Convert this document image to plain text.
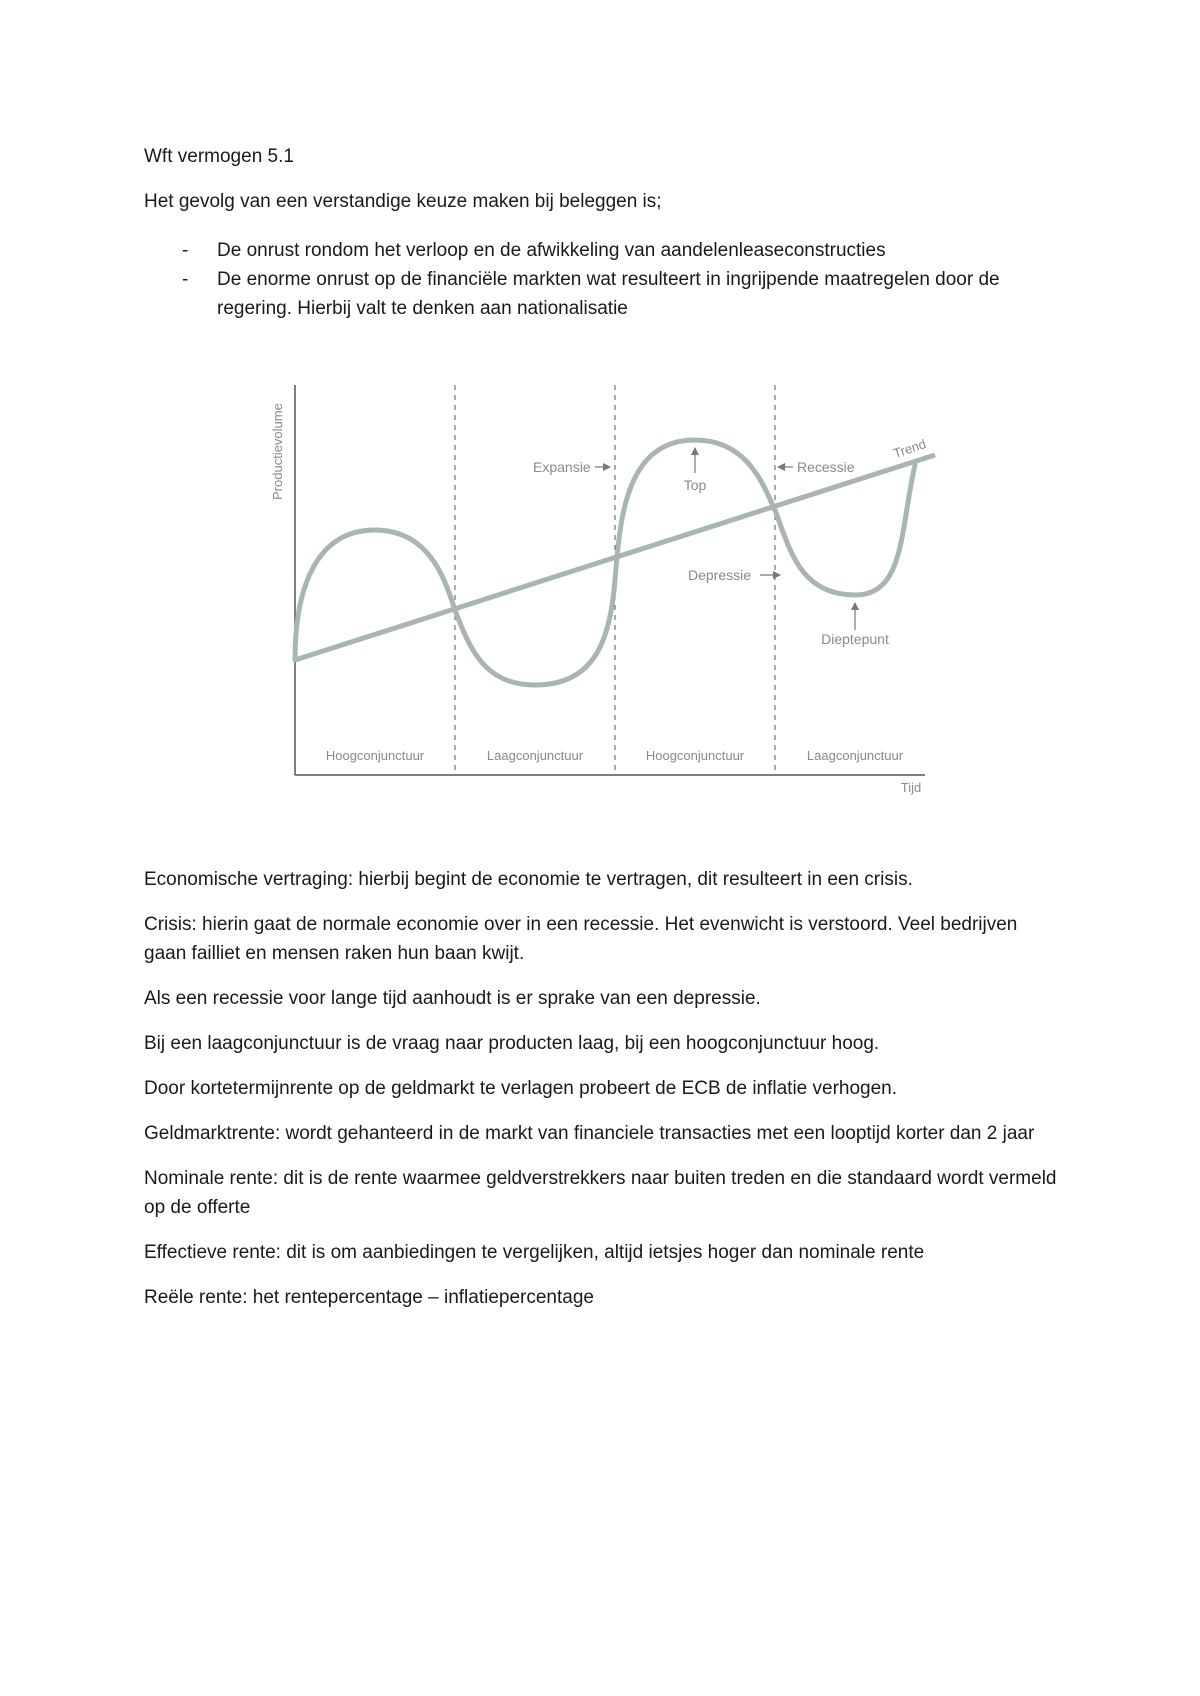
Wft vermogen 5.1

Het gevolg van een verstandige keuze maken bij beleggen is;

- De onrust rondom het verloop en de afwikkeling van aandelenleaseconstructies
- De enorme onrust op de financiële markten wat resulteert in ingrijpende maatregelen door de regering. Hierbij valt te denken aan nationalisatie
Productievolume
Tijd
Trend
Expansie
Top
Recessie
Depressie
Dieptepunt
Hoogconjunctuur	Laagconjunctuur	Hoogconjunctuur	Laagconjunctuur

Economische vertraging: hierbij begint de economie te vertragen, dit resulteert in een crisis.

Crisis: hierin gaat de normale economie over in een recessie. Het evenwicht is verstoord. Veel bedrijven gaan failliet en mensen raken hun baan kwijt.

Als een recessie voor lange tijd aanhoudt is er sprake van een depressie.

Bij een laagconjunctuur is de vraag naar producten laag, bij een hoogconjunctuur hoog.

Door kortetermijnrente op de geldmarkt te verlagen probeert de ECB de inflatie verhogen.

Geldmarktrente: wordt gehanteerd in de markt van financiele transacties met een looptijd korter dan 2 jaar

Nominale rente: dit is de rente waarmee geldverstrekkers naar buiten treden en die standaard wordt vermeld op de offerte

Effectieve rente: dit is om aanbiedingen te vergelijken, altijd ietsjes hoger dan nominale rente

Reële rente: het rentepercentage – inflatiepercentage
